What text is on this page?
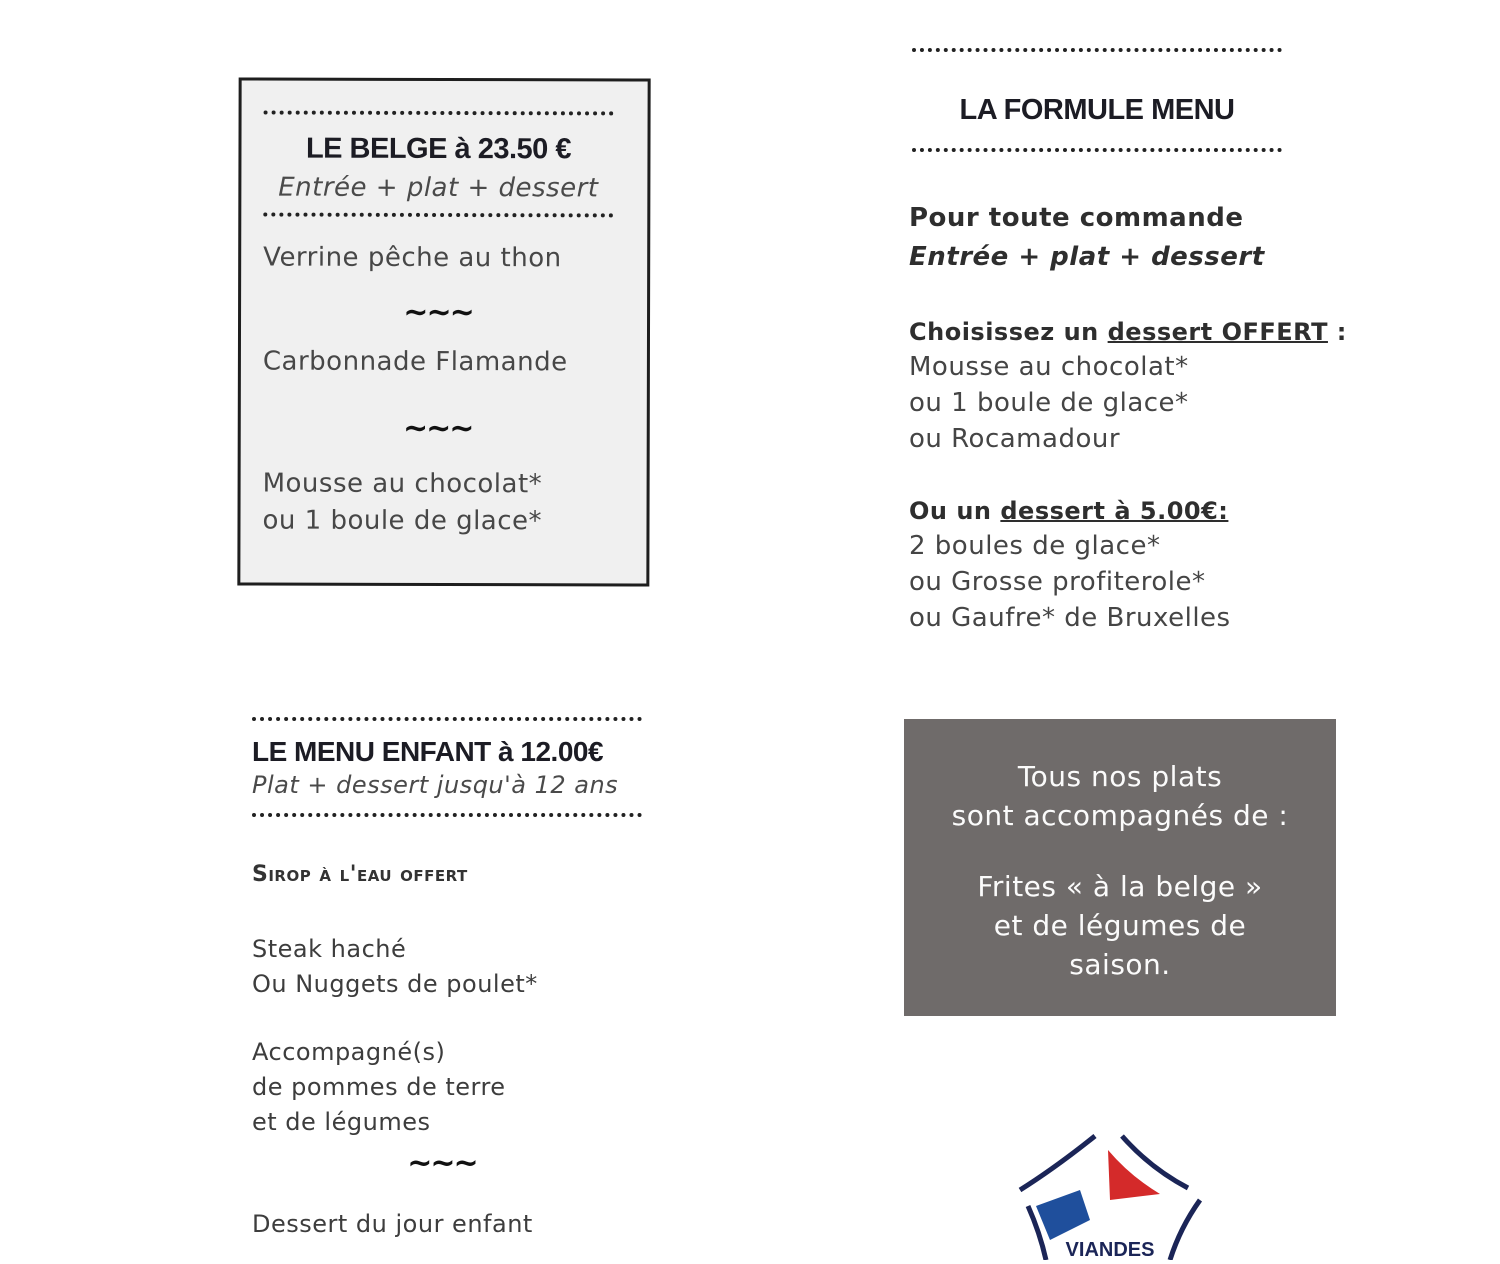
LE BELGE à 23.50 €
Entrée + plat + dessert
Verrine pêche au thon
~~~
Carbonnade Flamande
~~~
Mousse au chocolat*
ou 1 boule de glace*
LA FORMULE MENU
Pour toute commande
Entrée + plat + dessert
Choisissez un dessert OFFERT :
Mousse au chocolat*
ou 1 boule de glace*
ou Rocamadour
Ou un dessert à 5.00€:
2 boules de glace*
ou Grosse profiterole*
ou Gaufre* de Bruxelles
LE MENU ENFANT à 12.00€
Plat + dessert jusqu'à 12 ans
Sirop à l'eau offert
Steak haché
Ou Nuggets de poulet*
Accompagné(s)
de pommes de terre
et de légumes
~~~
Dessert du jour enfant
Tous nos plats
sont accompagnés de :
Frites « à la belge »
et de légumes de
saison.
VIANDES
